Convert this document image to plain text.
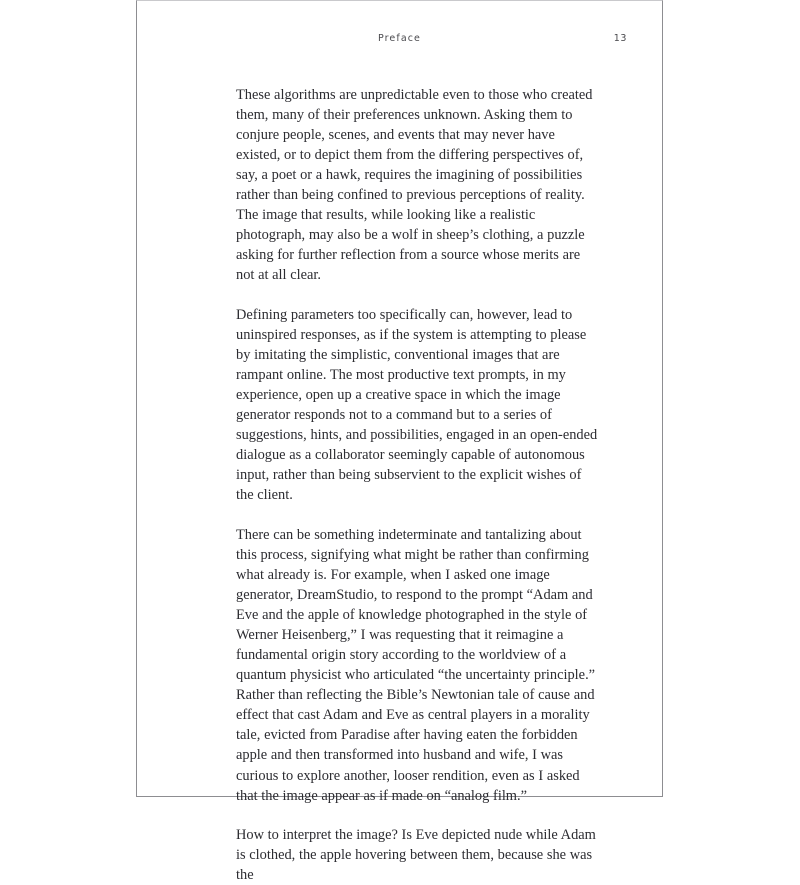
Preface	13

These algorithms are unpredictable even to those who created them, many of their preferences unknown. Asking them to conjure people, scenes, and events that may never have existed, or to depict them from the differing perspectives of, say, a poet or a hawk, requires the imagining of possibilities rather than being confined to previous perceptions of reality. The image that results, while looking like a realistic photograph, may also be a wolf in sheep’s clothing, a puzzle asking for further reflection from a source whose merits are not at all clear.

Defining parameters too specifically can, however, lead to uninspired responses, as if the system is attempting to please by imitating the simplistic, conventional images that are rampant online. The most productive text prompts, in my experience, open up a creative space in which the image generator responds not to a command but to a series of suggestions, hints, and possibilities, engaged in an open-ended dialogue as a collaborator seemingly capable of autonomous input, rather than being subservient to the explicit wishes of the client.

There can be something indeterminate and tantalizing about this process, signifying what might be rather than confirming what already is. For example, when I asked one image generator, DreamStudio, to respond to the prompt “Adam and Eve and the apple of knowledge photographed in the style of Werner Heisenberg,” I was requesting that it reimagine a fundamental origin story according to the worldview of a quantum physicist who articulated “the uncertainty principle.” Rather than reflecting the Bible’s Newtonian tale of cause and effect that cast Adam and Eve as central players in a morality tale, evicted from Paradise after having eaten the forbidden apple and then transformed into husband and wife, I was curious to explore another, looser rendition, even as I asked that the image appear as if made on “analog film.”

How to interpret the image? Is Eve depicted nude while Adam is clothed, the apple hovering between them, because she was the
